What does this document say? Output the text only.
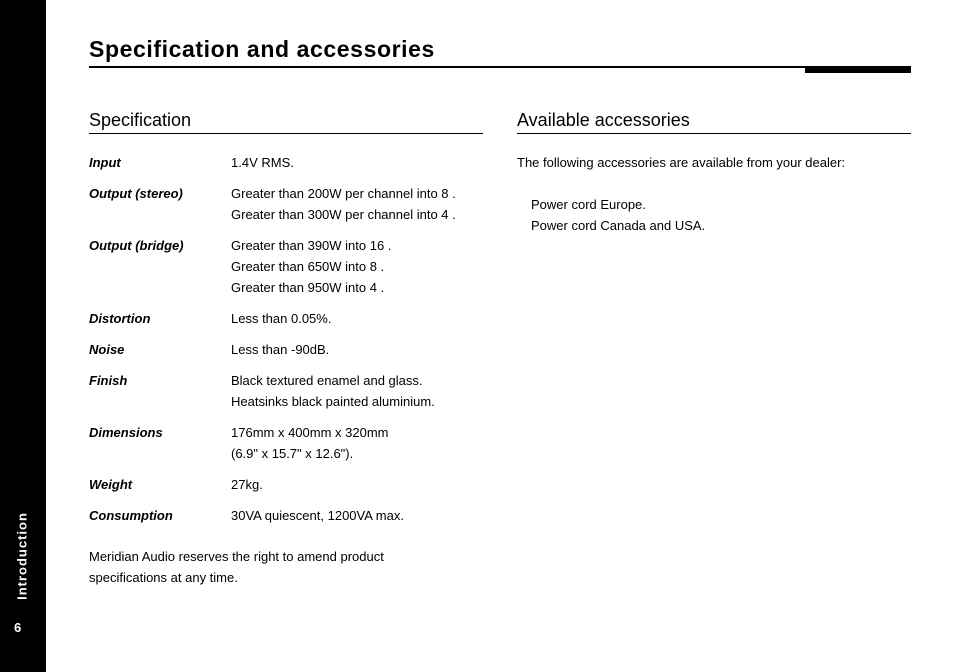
Introduction
6
Specification and accessories
Specification
Input	1.4V RMS.
Output (stereo)	Greater than 200W per channel into 8 .
Greater than 300W per channel into 4 .
Output (bridge)	Greater than 390W into 16 .
Greater than 650W into 8 .
Greater than 950W into 4 .
Distortion	Less than 0.05%.
Noise	Less than -90dB.
Finish	Black textured enamel and glass.
Heatsinks black painted aluminium.
Dimensions	176mm x 400mm x 320mm
(6.9" x 15.7" x 12.6").
Weight	27kg.
Consumption	30VA quiescent, 1200VA max.
Meridian Audio reserves the right to amend product
specifications at any time.
Available accessories
The following accessories are available from your dealer:
Power cord Europe.
Power cord Canada and USA.
